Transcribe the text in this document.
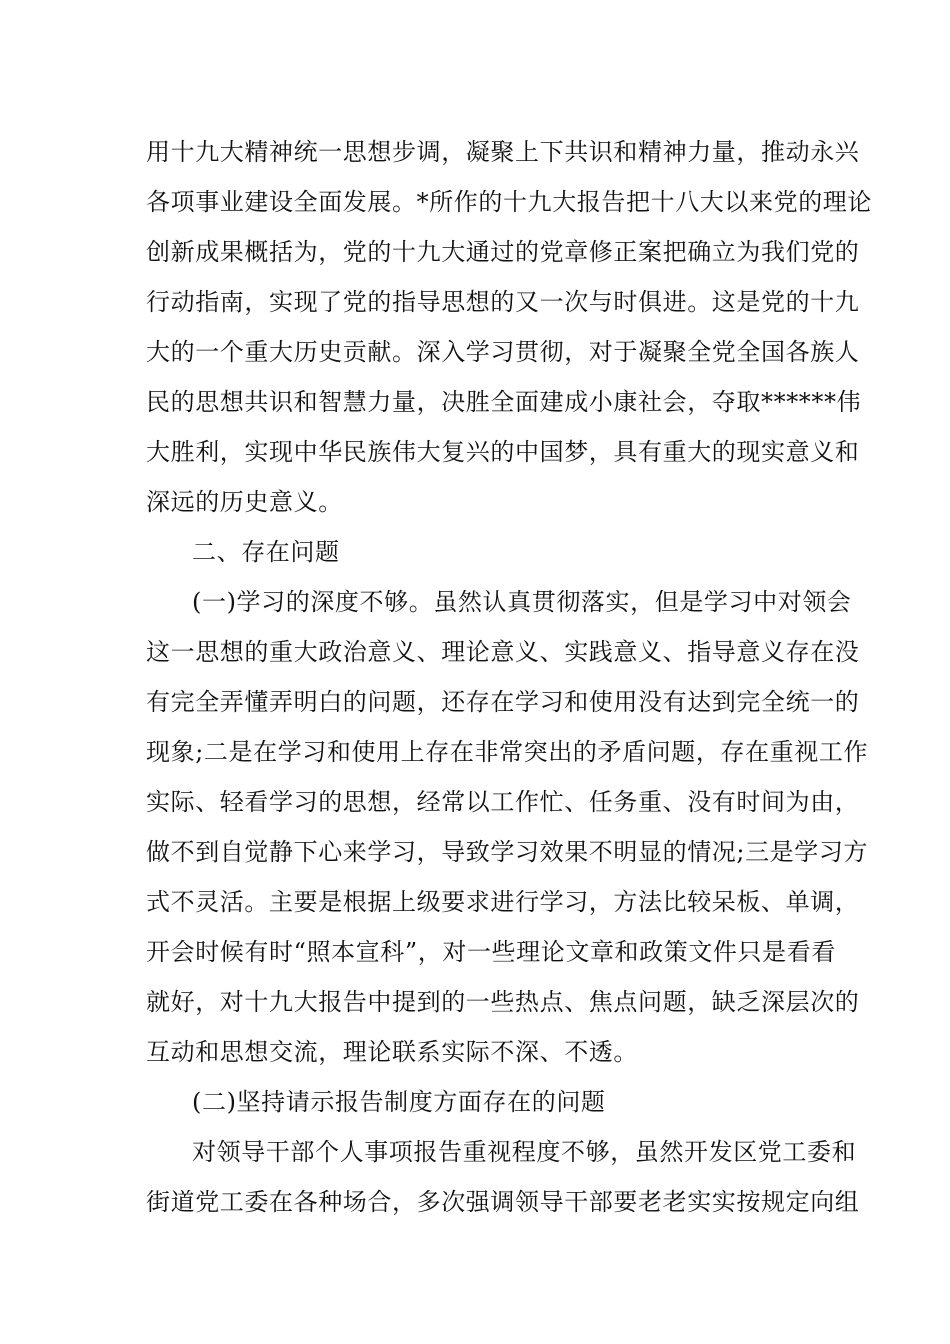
用十九大精神统一思想步调，凝聚上下共识和精神力量，推动永兴
各项事业建设全面发展。*所作的十九大报告把十八大以来党的理论
创新成果概括为，党的十九大通过的党章修正案把确立为我们党的
行动指南，实现了党的指导思想的又一次与时俱进。这是党的十九
大的一个重大历史贡献。深入学习贯彻，对于凝聚全党全国各族人
民的思想共识和智慧力量，决胜全面建成小康社会，夺取******伟
大胜利，实现中华民族伟大复兴的中国梦，具有重大的现实意义和
深远的历史意义。
二、存在问题
(一)学习的深度不够。虽然认真贯彻落实，但是学习中对领会
这一思想的重大政治意义、理论意义、实践意义、指导意义存在没
有完全弄懂弄明白的问题，还存在学习和使用没有达到完全统一的
现象;二是在学习和使用上存在非常突出的矛盾问题，存在重视工作
实际、轻看学习的思想，经常以工作忙、任务重、没有时间为由，
做不到自觉静下心来学习，导致学习效果不明显的情况;三是学习方
式不灵活。主要是根据上级要求进行学习，方法比较呆板、单调，
开会时候有时“照本宣科”，对一些理论文章和政策文件只是看看
就好，对十九大报告中提到的一些热点、焦点问题，缺乏深层次的
互动和思想交流，理论联系实际不深、不透。
(二)坚持请示报告制度方面存在的问题
对领导干部个人事项报告重视程度不够，虽然开发区党工委和
街道党工委在各种场合，多次强调领导干部要老老实实按规定向组
